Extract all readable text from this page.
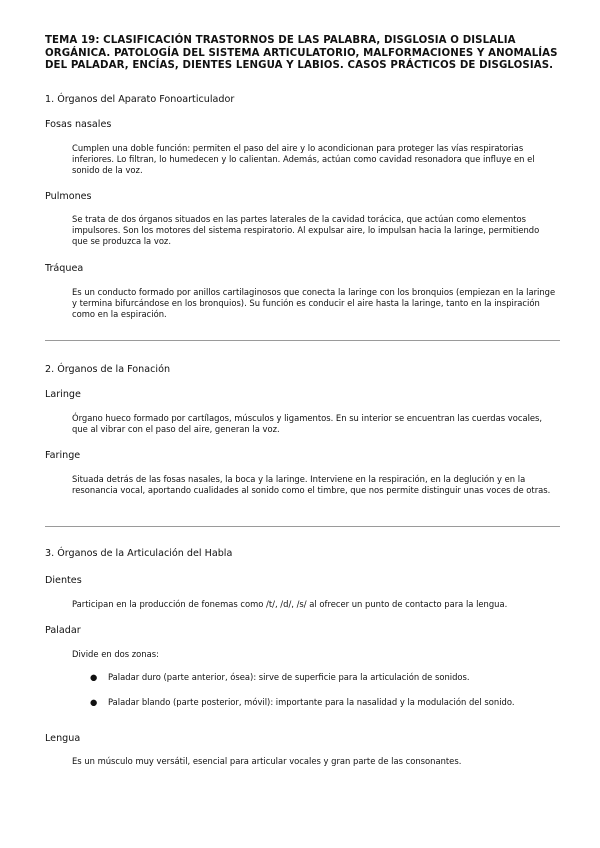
TEMA 19: CLASIFICACIÓN TRASTORNOS DE LAS PALABRA, DISGLOSIA O DISLALIA ORGÁNICA. PATOLOGÍA DEL SISTEMA ARTICULATORIO, MALFORMACIONES Y ANOMALÍAS DEL PALADAR, ENCÍAS, DIENTES LENGUA Y LABIOS. CASOS PRÁCTICOS DE DISGLOSIAS.
1. Órganos del Aparato Fonoarticulador
Fosas nasales
Cumplen una doble función: permiten el paso del aire y lo acondicionan para proteger las vías respiratorias inferiores. Lo filtran, lo humedecen y lo calientan. Además, actúan como cavidad resonadora que influye en el sonido de la voz.
Pulmones
Se trata de dos órganos situados en las partes laterales de la cavidad torácica, que actúan como elementos impulsores. Son los motores del sistema respiratorio. Al expulsar aire, lo impulsan hacia la laringe, permitiendo que se produzca la voz.
Tráquea
Es un conducto formado por anillos cartilaginosos que conecta la laringe con los bronquios (empiezan en la laringe y termina bifurcándose en los bronquios). Su función es conducir el aire hasta la laringe, tanto en la inspiración como en la espiración.
2. Órganos de la Fonación
Laringe
Órgano hueco formado por cartílagos, músculos y ligamentos. En su interior se encuentran las cuerdas vocales, que al vibrar con el paso del aire, generan la voz.
Faringe
Situada detrás de las fosas nasales, la boca y la laringe. Interviene en la respiración, en la deglución y en la resonancia vocal, aportando cualidades al sonido como el timbre, que nos permite distinguir unas voces de otras.
3. Órganos de la Articulación del Habla
Dientes
Participan en la producción de fonemas como /t/, /d/, /s/ al ofrecer un punto de contacto para la lengua.
Paladar
Divide en dos zonas:
● Paladar duro (parte anterior, ósea): sirve de superficie para la articulación de sonidos.
● Paladar blando (parte posterior, móvil): importante para la nasalidad y la modulación del sonido.
Lengua
Es un músculo muy versátil, esencial para articular vocales y gran parte de las consonantes.
